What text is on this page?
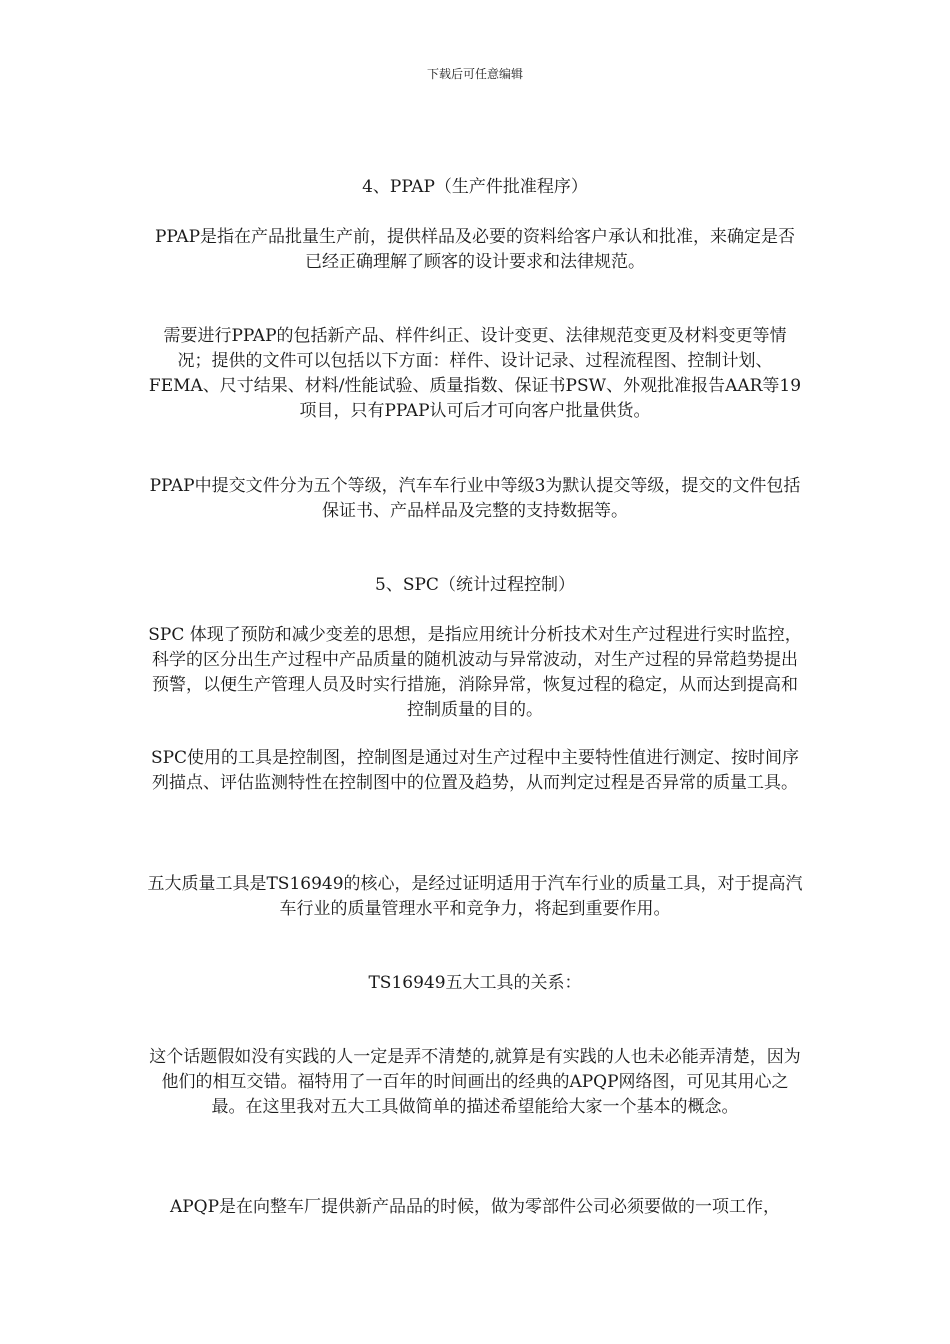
下载后可任意编辑

4、PPAP（生产件批准程序）

PPAP是指在产品批量生产前，提供样品及必要的资料给客户承认和批准，来确定是否已经正确理解了顾客的设计要求和法律规范。

需要进行PPAP的包括新产品、样件纠正、设计变更、法律规范变更及材料变更等情况；提供的文件可以包括以下方面：样件、设计记录、过程流程图、控制计划、FEMA、尺寸结果、材料/性能试验、质量指数、保证书PSW、外观批准报告AAR等19项目，只有PPAP认可后才可向客户批量供货。

PPAP中提交文件分为五个等级，汽车车行业中等级3为默认提交等级，提交的文件包括保证书、产品样品及完整的支持数据等。

5、SPC（统计过程控制）

SPC 体现了预防和减少变差的思想，是指应用统计分析技术对生产过程进行实时监控，科学的区分出生产过程中产品质量的随机波动与异常波动，对生产过程的异常趋势提出预警，以便生产管理人员及时实行措施，消除异常，恢复过程的稳定，从而达到提高和控制质量的目的。

SPC使用的工具是控制图，控制图是通过对生产过程中主要特性值进行测定、按时间序列描点、评估监测特性在控制图中的位置及趋势，从而判定过程是否异常的质量工具。

五大质量工具是TS16949的核心，是经过证明适用于汽车行业的质量工具，对于提高汽车行业的质量管理水平和竞争力，将起到重要作用。

TS16949五大工具的关系：

这个话题假如没有实践的人一定是弄不清楚的,就算是有实践的人也未必能弄清楚，因为他们的相互交错。福特用了一百年的时间画出的经典的APQP网络图，可见其用心之最。在这里我对五大工具做简单的描述希望能给大家一个基本的概念。

APQP是在向整车厂提供新产品品的时候，做为零部件公司必须要做的一项工作，
